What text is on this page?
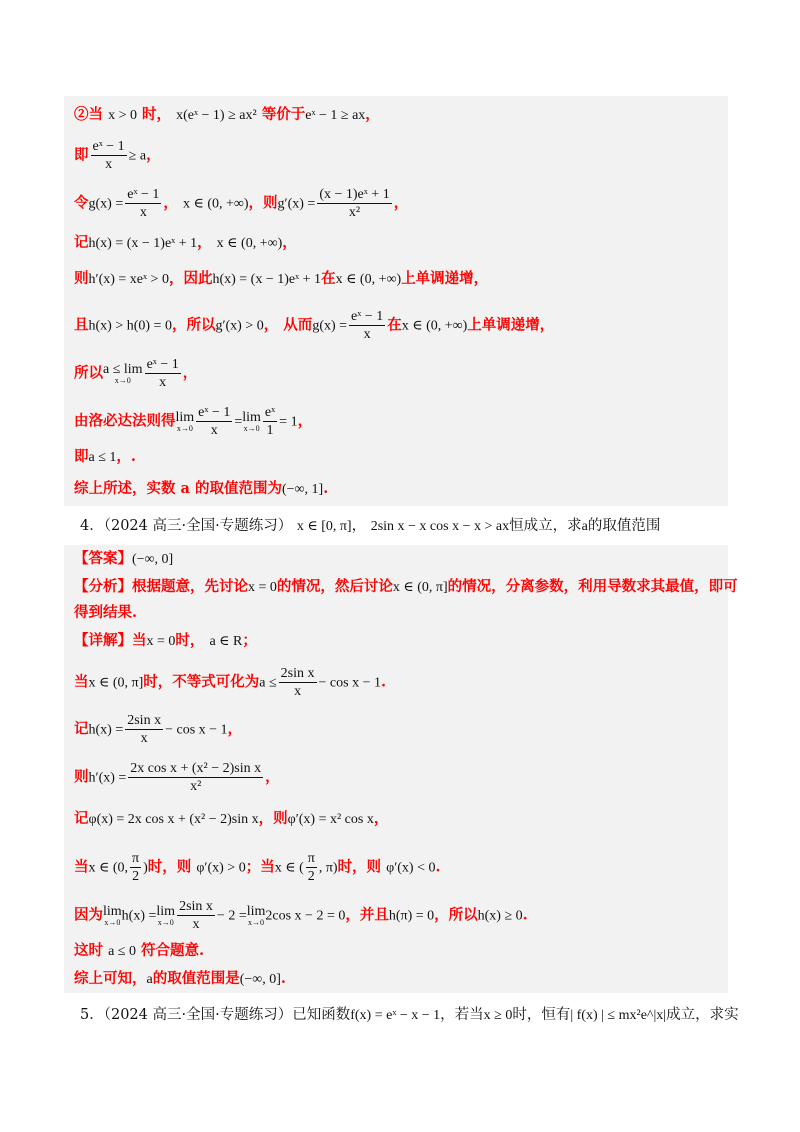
②当 x > 0 时， x(eˣ − 1) ≥ ax² 等价于eˣ − 1 ≥ ax，
即 $\frac{\text{eˣ − 1}}{x} \ge a$，
令$g(x) = \frac{\text{eˣ − 1}}{x}$ ， x ∈ (0, +∞)，则$g'(x) = \frac{\text{(x − 1)eˣ + 1}}{\text{x²}}$ ，
记h(x) = (x − 1)eˣ + 1， x ∈ (0, +∞)，
则h′(x) = xeˣ > 0，因此h(x) = (x − 1)eˣ + 1在x ∈ (0, +∞)上单调递增，
且h(x) > h(0) = 0，所以g′(x) > 0， 从而$g(x) = \frac{\text{eˣ − 1}}{x}$ 在x ∈ (0, +∞)上单调递增，
所以a ≤ lim
$x\to 0 \frac{\text{eˣ − 1}}{x}$ ，
由洛必达法则得lim
$x\to 0 \frac{\text{eˣ − 1}}{x} =\lim$
$x\to 0 \frac{\text{eˣ}}{1} = 1$，
即a ≤ 1，.
综上所述，实数 a 的取值范围为(−∞, 1].
4．（2024 高三·全国·专题练习） x ∈ [0, π]， 2sin x − x cos x − x > ax恒成立，求a的取值范围
【答案】(−∞, 0]
【分析】根据题意，先讨论x = 0的情况，然后讨论x ∈ (0, π]的情况，分离参数，利用导数求其最值，即可
得到结果.
【详解】当x = 0时， a ∈ R；
当x ∈ (0, π]时，不等式可化为$a \le \frac{\text{2sin x}}{x} - \cos x - 1$.
记$h(x) = \frac{\text{2sin x}}{x} - \cos x - 1$，
则$h'(x) = \frac{\text{2x cos x + (x² − 2)sin x}}{\text{x²}}$ ，
记φ(x) = 2x cos x + (x² − 2)sin x，则φ′(x) = x² cos x，
当x ∈ (0, $\frac{\pi}{2}$ )时，则 φ′(x) > 0；当x ∈ ( $\frac{\pi}{2}$ , π)时，则 φ′(x) < 0.
因为lim
x→0 h(x) =lim
$x\to 0 \frac{\text{2sin x}}{x} - 2 =\lim$
x→0 2cos x − 2 = 0，并且h(π) = 0，所以h(x) ≥ 0.
这时 a ≤ 0 符合题意.
综上可知，a的取值范围是(−∞, 0].
5．（2024 高三·全国·专题练习）已知函数f(x) = eˣ − x − 1，若当x ≥ 0时，恒有| f(x) | ≤ mx²e^|x|成立，求实
